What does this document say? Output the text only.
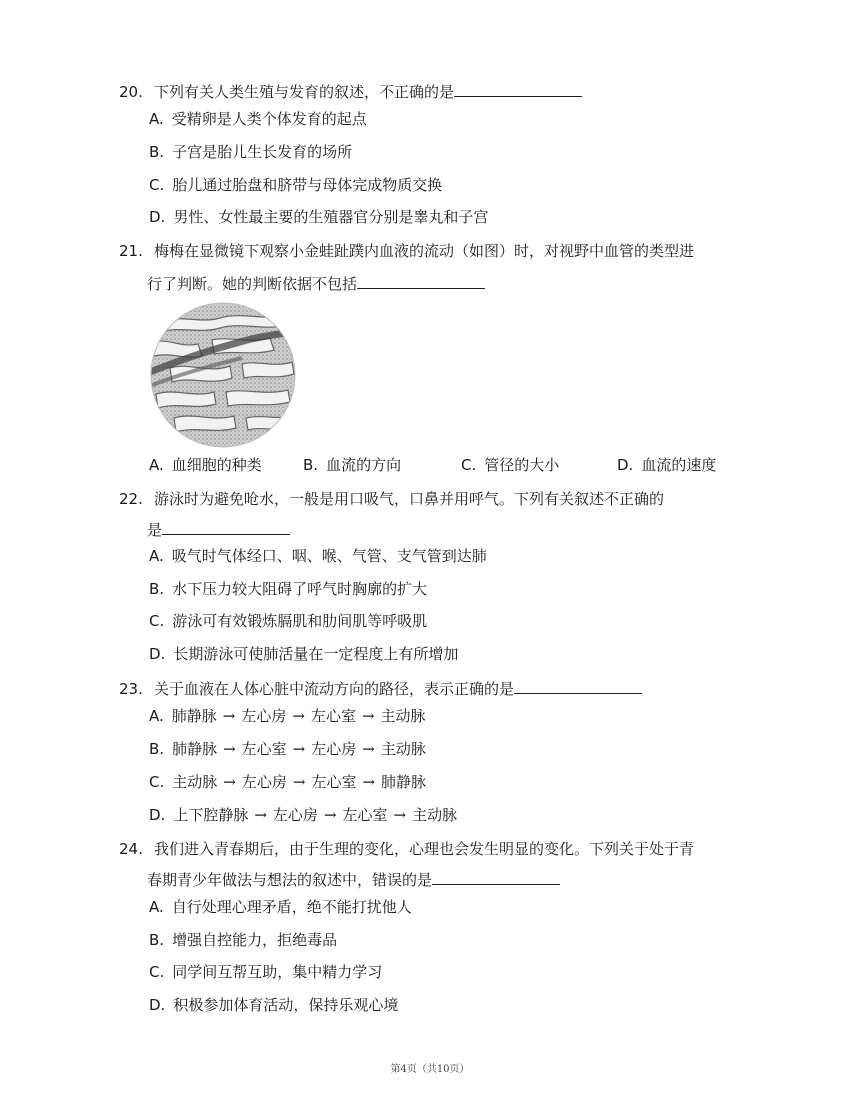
20. 下列有关人类生殖与发育的叙述，不正确的是
A. 受精卵是人类个体发育的起点
B. 子宫是胎儿生长发育的场所
C. 胎儿通过胎盘和脐带与母体完成物质交换
D. 男性、女性最主要的生殖器官分别是睾丸和子宫
21. 梅梅在显微镜下观察小金蛙趾蹼内血液的流动（如图）时，对视野中血管的类型进
行了判断。她的判断依据不包括
A. 血细胞的种类	B. 血流的方向	C. 管径的大小	D. 血流的速度
22. 游泳时为避免呛水，一般是用口吸气，口鼻并用呼气。下列有关叙述不正确的
是
A. 吸气时气体经口、咽、喉、气管、支气管到达肺
B. 水下压力较大阻碍了呼气时胸廓的扩大
C. 游泳可有效锻炼膈肌和肋间肌等呼吸肌
D. 长期游泳可使肺活量在一定程度上有所增加
23. 关于血液在人体心脏中流动方向的路径，表示正确的是
A. 肺静脉 → 左心房 → 左心室 → 主动脉
B. 肺静脉 → 左心室 → 左心房 → 主动脉
C. 主动脉 → 左心房 → 左心室 → 肺静脉
D. 上下腔静脉 → 左心房 → 左心室 → 主动脉
24. 我们进入青春期后，由于生理的变化，心理也会发生明显的变化。下列关于处于青
春期青少年做法与想法的叙述中，错误的是
A. 自行处理心理矛盾，绝不能打扰他人
B. 增强自控能力，拒绝毒品
C. 同学间互帮互助，集中精力学习
D. 积极参加体育活动，保持乐观心境
第4页（共10页）
